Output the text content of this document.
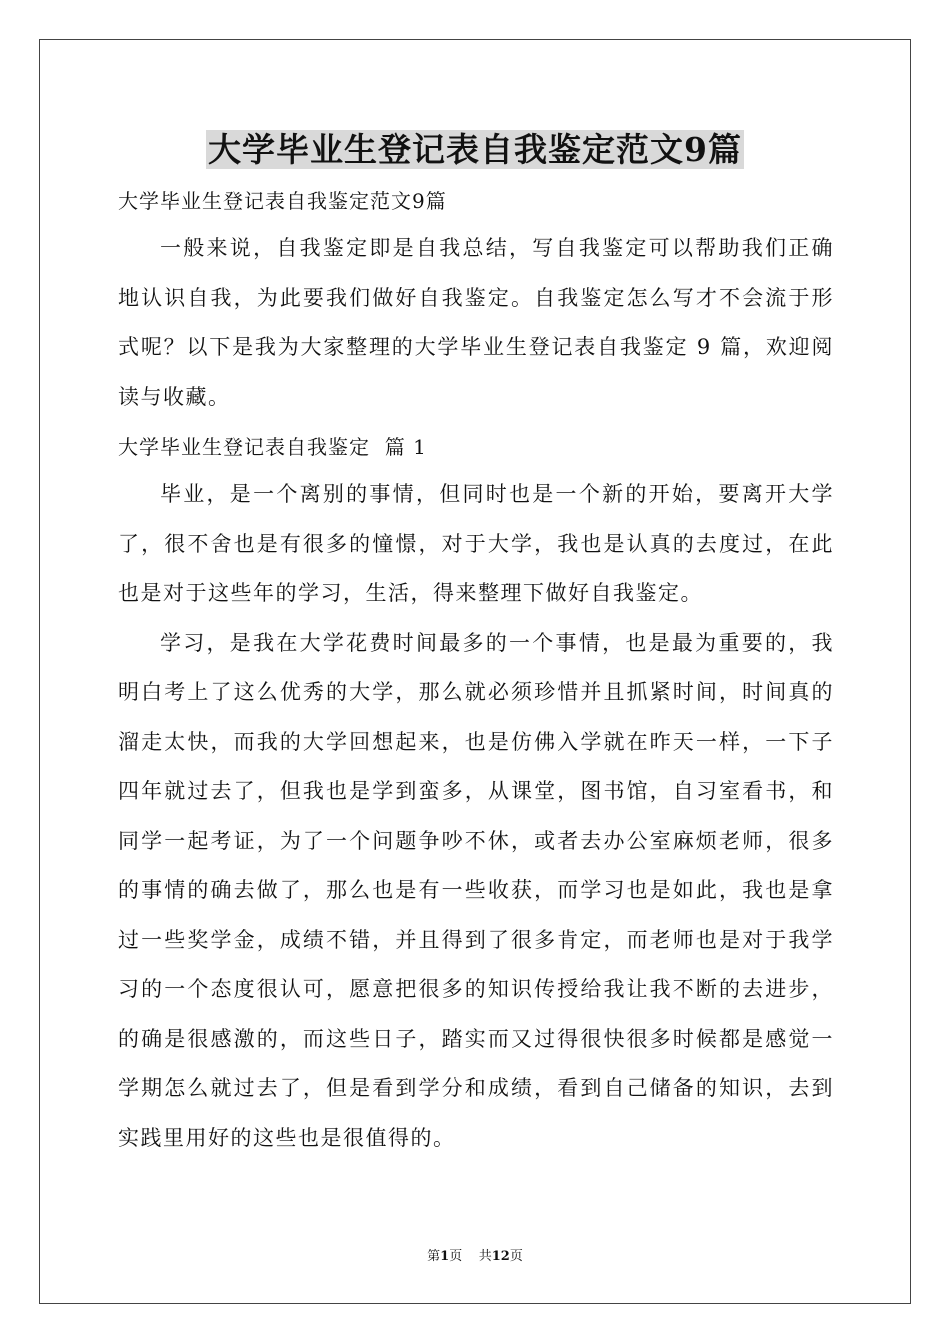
大学毕业生登记表自我鉴定范文9篇

大学毕业生登记表自我鉴定范文9篇

一般来说，自我鉴定即是自我总结，写自我鉴定可以帮助我们正确地认识自我，为此要我们做好自我鉴定。自我鉴定怎么写才不会流于形式呢？以下是我为大家整理的大学毕业生登记表自我鉴定 9 篇，欢迎阅读与收藏。

大学毕业生登记表自我鉴定  篇 1

毕业，是一个离别的事情，但同时也是一个新的开始，要离开大学了，很不舍也是有很多的憧憬，对于大学，我也是认真的去度过，在此也是对于这些年的学习，生活，得来整理下做好自我鉴定。

学习，是我在大学花费时间最多的一个事情，也是最为重要的，我明白考上了这么优秀的大学，那么就必须珍惜并且抓紧时间，时间真的溜走太快，而我的大学回想起来，也是仿佛入学就在昨天一样，一下子四年就过去了，但我也是学到蛮多，从课堂，图书馆，自习室看书，和同学一起考证，为了一个问题争吵不休，或者去办公室麻烦老师，很多的事情的确去做了，那么也是有一些收获，而学习也是如此，我也是拿过一些奖学金，成绩不错，并且得到了很多肯定，而老师也是对于我学习的一个态度很认可，愿意把很多的知识传授给我让我不断的去进步，的确是很感激的，而这些日子，踏实而又过得很快很多时候都是感觉一学期怎么就过去了，但是看到学分和成绩，看到自己储备的知识，去到实践里用好的这些也是很值得的。

第1页    共12页
